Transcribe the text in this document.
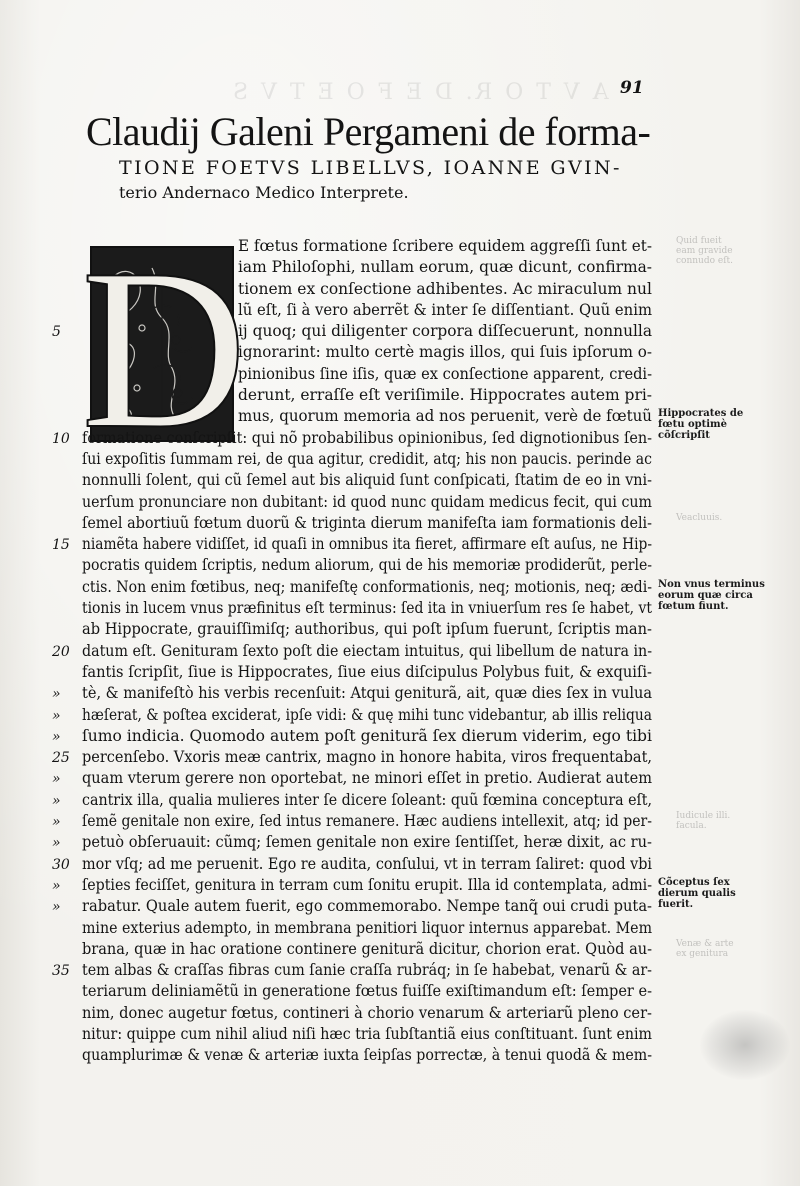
A V T O R. D E F O E T V S 91
Claudij Galeni Pergameni de forma-
TIONE FOETVS LIBELLVS, IOANNE GVIN-
terio Andernaco Medico Interprete.
D
E fœtus formatione ſcribere equidem aggreſſi ſunt et-
iam Philoſophi, nullam eorum, quæ dicunt, confirma-
tionem ex conſectione adhibentes. Ac miraculum nul
lũ eſt, ſi à vero aberrẽt & inter ſe diſſentiant. Quũ enim
5	ij quoq; qui diligenter corpora diſſecuerunt, nonnulla
ignorarint: multo certè magis illos, qui ſuis ipſorum o-
pinionibus ſine iſis, quæ ex conſectione apparent, credi-
derunt, erraſſe eſt veriſimile. Hippocrates autem pri-
mus, quorum memoria ad nos peruenit, verè de fœtuũ
10 formatione conſcripſit: qui nõ probabilibus opinionibus, ſed dignotionibus ſen-
ſui expoſitis ſummam rei, de qua agitur, credidit, atq; his non paucis. perinde ac
nonnulli ſolent, qui cũ ſemel aut bis aliquid ſunt conſpicati, ſtatim de eo in vni-
uerſum pronunciare non dubitant: id quod nunc quidam medicus fecit, qui cum
ſemel abortiuũ fœtum duorũ & triginta dierum manifeſta iam formationis deli-
15 niamẽta habere vidiſſet, id quaſi in omnibus ita fieret, affirmare eſt auſus, ne Hip-
pocratis quidem ſcriptis, nedum aliorum, qui de his memoriæ prodiderũt, perle-
ctis. Non enim fœtibus, neq; manifeſtę conformationis, neq; motionis, neq; ædi-
tionis in lucem vnus præfinitus eſt terminus: ſed ita in vniuerſum res ſe habet, vt
ab Hippocrate, grauiſſimiſq; authoribus, qui poſt ipſum fuerunt, ſcriptis man-
20 datum eſt. Genituram ſexto poſt die eiectam intuitus, qui libellum de natura in-
fantis ſcripſit, ſiue is Hippocrates, ſiue eius diſcipulus Polybus fuit, & exquiſi-
»	tè, & manifeſtò his verbis recenſuit: Atqui geniturã, ait, quæ dies ſex in vulua
»	hæſerat, & poſtea exciderat, ipſe vidi: & quę mihi tunc videbantur, ab illis reliqua
»	ſumo indicia. Quomodo autem poſt geniturã ſex dierum viderim, ego tibi
25 percenſebo. Vxoris meæ cantrix, magno in honore habita, viros frequentabat,
»	quam vterum gerere non oportebat, ne minori eſſet in pretio. Audierat autem
»	cantrix illa, qualia mulieres inter ſe dicere ſoleant: quũ fœmina conceptura eſt,
»	ſemẽ genitale non exire, ſed intus remanere. Hæc audiens intellexit, atq; id per-
»	petuò obſeruauit: cũmq; ſemen genitale non exire ſentiſſet, heræ dixit, ac ru-
30 mor vſq; ad me peruenit. Ego re audita, conſului, vt in terram ſaliret: quod vbi
»	ſepties feciſſet, genitura in terram cum ſonitu erupit. Illa id contemplata, admi-
»	rabatur. Quale autem fuerit, ego commemorabo. Nempe tanq̃ oui crudi puta-
mine exterius adempto, in membrana penitiori liquor internus apparebat. Mem
brana, quæ in hac oratione continere geniturã dicitur, chorion erat. Quòd au-
35 tem albas & craſſas fibras cum ſanie craſſa rubráq; in ſe habebat, venarũ & ar-
teriarum deliniamẽtũ in generatione fœtus fuiſſe exiſtimandum eſt: ſemper e-
nim, donec augetur fœtus, contineri à chorio venarum & arteriarũ pleno cer-
nitur: quippe cum nihil aliud niſi hæc tria ſubſtantiã eius conſtituant. ſunt enim
quamplurimæ & venæ & arteriæ iuxta ſeipſas porrectæ, à tenui quodã & mem-
Hippocrates de fœtu optimè cõſcripſit
Non vnus terminus eorum quæ circa fœtum fiunt.
Cõceptus ſex dierum qualis fuerit.
Quid fueit eam gravide connudo eſt.
Veacluuis.
Iudicule illi. facula.
Venæ & arte ex genitura
